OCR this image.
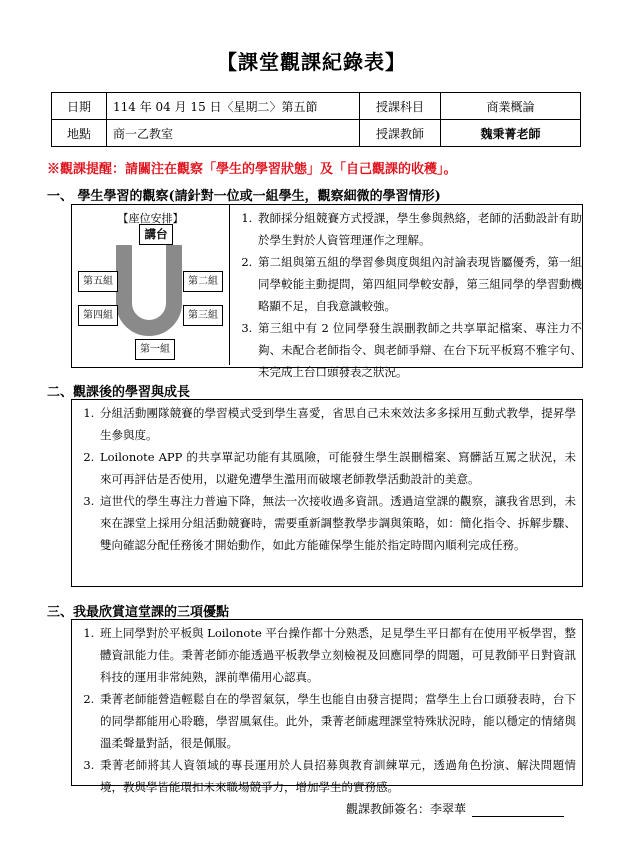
【課堂觀課紀錄表】
日期	114 年 04 月 15 日〈星期二〉第五節	授課科目	商業概論
地點	商一乙教室	授課教師	魏秉菁老師
※觀課提醒：請關注在觀察「學生的學習狀態」及「自己觀課的收穫」。
一、 學生學習的觀察(請針對一位或一組學生，觀察細微的學習情形)
【座位安排】
講台
第五組	第二組
第四組	第三組
第一組
1. 教師採分組競賽方式授課，學生參與熱絡，老師的活動設計有助於學生對於人資管理運作之理解。
2. 第二組與第五組的學習參與度與組內討論表現皆屬優秀，第一組同學較能主動提問，第四組同學較安靜，第三組同學的學習動機略顯不足，自我意識較強。
3. 第三組中有 2 位同學發生誤刪教師之共享單記檔案、專注力不夠、未配合老師指令、與老師爭辯、在台下玩平板寫不雅字句、未完成上台口頭發表之狀況。
二、觀課後的學習與成長
1. 分組活動團隊競賽的學習模式受到學生喜愛，省思自己未來效法多多採用互動式教學，提昇學生參與度。
2. Loilonote APP 的共享單記功能有其風險，可能發生學生誤刪檔案、寫髒話互罵之狀況，未來可再評估是否使用，以避免遭學生濫用而破壞老師教學活動設計的美意。
3. 這世代的學生專注力普遍下降，無法一次接收過多資訊。透過這堂課的觀察，讓我省思到，未來在課堂上採用分組活動競賽時，需要重新調整教學步調與策略，如：簡化指令、拆解步驟、雙向確認分配任務後才開始動作，如此方能確保學生能於指定時間內順利完成任務。
三、我最欣賞這堂課的三項優點
1. 班上同學對於平板與 Loilonote 平台操作都十分熟悉，足見學生平日都有在使用平板學習，整體資訊能力佳。秉菁老師亦能透過平板教學立刻檢視及回應同學的問題，可見教師平日對資訊科技的運用非常純熟，課前準備用心認真。
2. 秉菁老師能營造輕鬆自在的學習氣氛，學生也能自由發言提問；當學生上台口頭發表時，台下的同學都能用心聆聽，學習風氣佳。此外，秉菁老師處理課堂特殊狀況時，能以穩定的情緒與溫柔聲量對話，很是佩服。
3. 秉菁老師將其人資領域的專長運用於人員招募與教育訓練單元，透過角色扮演、解決問題情境，教與學皆能環扣未來職場競爭力，增加學生的實務感。
觀課教師簽名：李翠華
